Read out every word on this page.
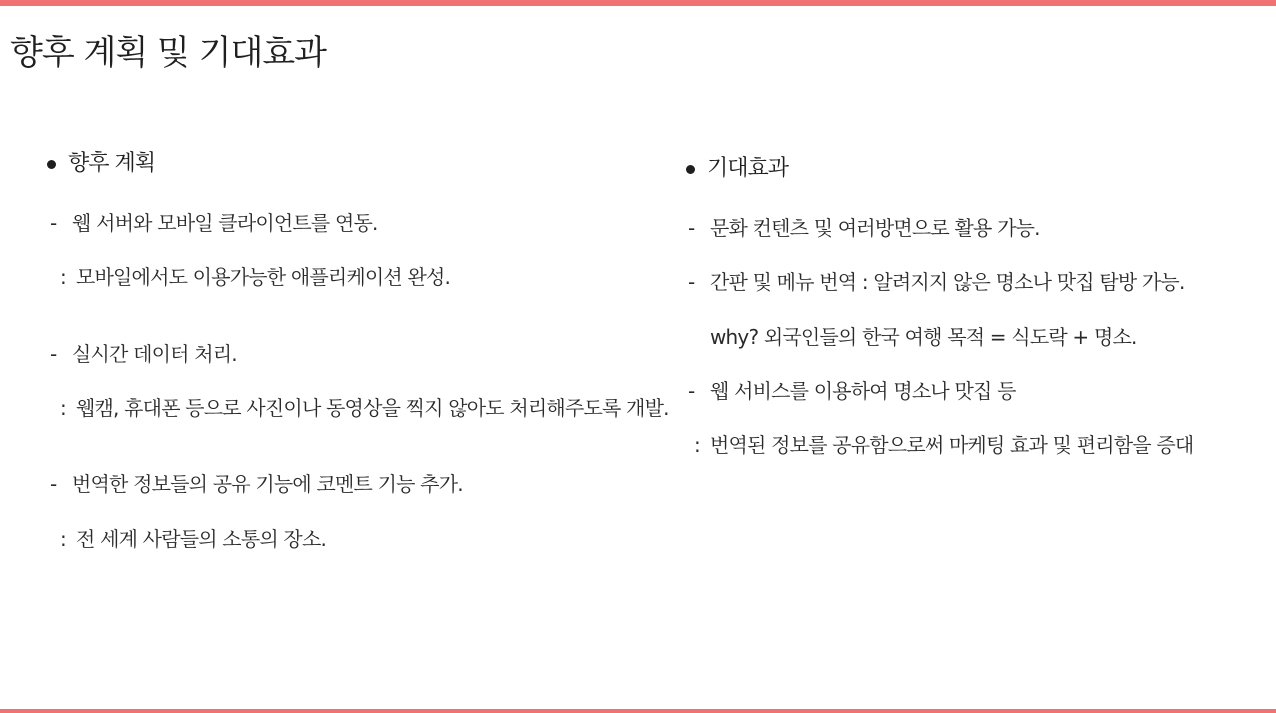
향후 계획 및 기대효과
향후 계획
- 웹 서버와 모바일 클라이언트를 연동.
: 모바일에서도 이용가능한 애플리케이션 완성.
- 실시간 데이터 처리.
: 웹캠, 휴대폰 등으로 사진이나 동영상을 찍지 않아도 처리해주도록 개발.
- 번역한 정보들의 공유 기능에 코멘트 기능 추가.
: 전 세계 사람들의 소통의 장소.
기대효과
- 문화 컨텐츠 및 여러방면으로 활용 가능.
- 간판 및 메뉴 번역 : 알려지지 않은 명소나 맛집 탐방 가능.
why? 외국인들의 한국 여행 목적 = 식도락 + 명소.
- 웹 서비스를 이용하여 명소나 맛집 등
: 번역된 정보를 공유함으로써 마케팅 효과 및 편리함을 증대
